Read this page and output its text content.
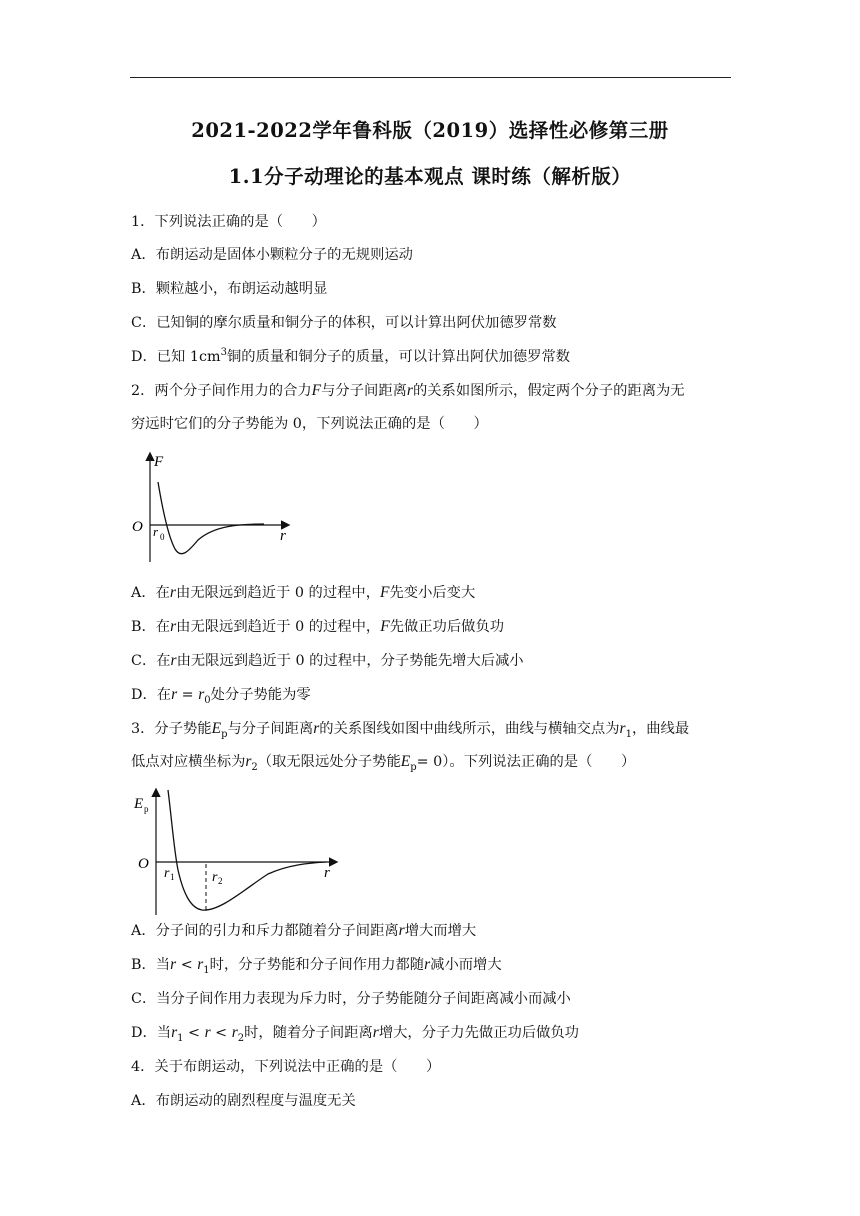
2021-2022学年鲁科版（2019）选择性必修第三册
1.1分子动理论的基本观点 课时练（解析版）
1．下列说法正确的是（　　）
A．布朗运动是固体小颗粒分子的无规则运动
B．颗粒越小，布朗运动越明显
C．已知铜的摩尔质量和铜分子的体积，可以计算出阿伏加德罗常数
D．已知 $1cm^3$铜的质量和铜分子的质量，可以计算出阿伏加德罗常数
2．两个分子间作用力的合力F与分子间距离r的关系如图所示，假定两个分子的距离为无
穷远时它们的分子势能为 0，下列说法正确的是（　　）
F
O
r
r 0
A．在r由无限远到趋近于 0 的过程中，F先变小后变大
B．在r由无限远到趋近于 0 的过程中，F先做正功后做负功
C．在r由无限远到趋近于 0 的过程中，分子势能先增大后减小
D．在$r = r_0$处分子势能为零
3．分子势能$E_p$与分子间距离r的关系图线如图中曲线所示，曲线与横轴交点为$r_1$，曲线最
低点对应横坐标为$r_2$（取无限远处分子势能$E_p= 0$）。下列说法正确的是（　　）
E p
O
r
r 1	r 2
A．分子间的引力和斥力都随着分子间距离r增大而增大
B．当$r < r_1$时，分子势能和分子间作用力都随r减小而增大
C．当分子间作用力表现为斥力时，分子势能随分子间距离减小而减小
D．当$r_1 < r < r_2$时，随着分子间距离r增大，分子力先做正功后做负功
4．关于布朗运动，下列说法中正确的是（　　）
A．布朗运动的剧烈程度与温度无关
